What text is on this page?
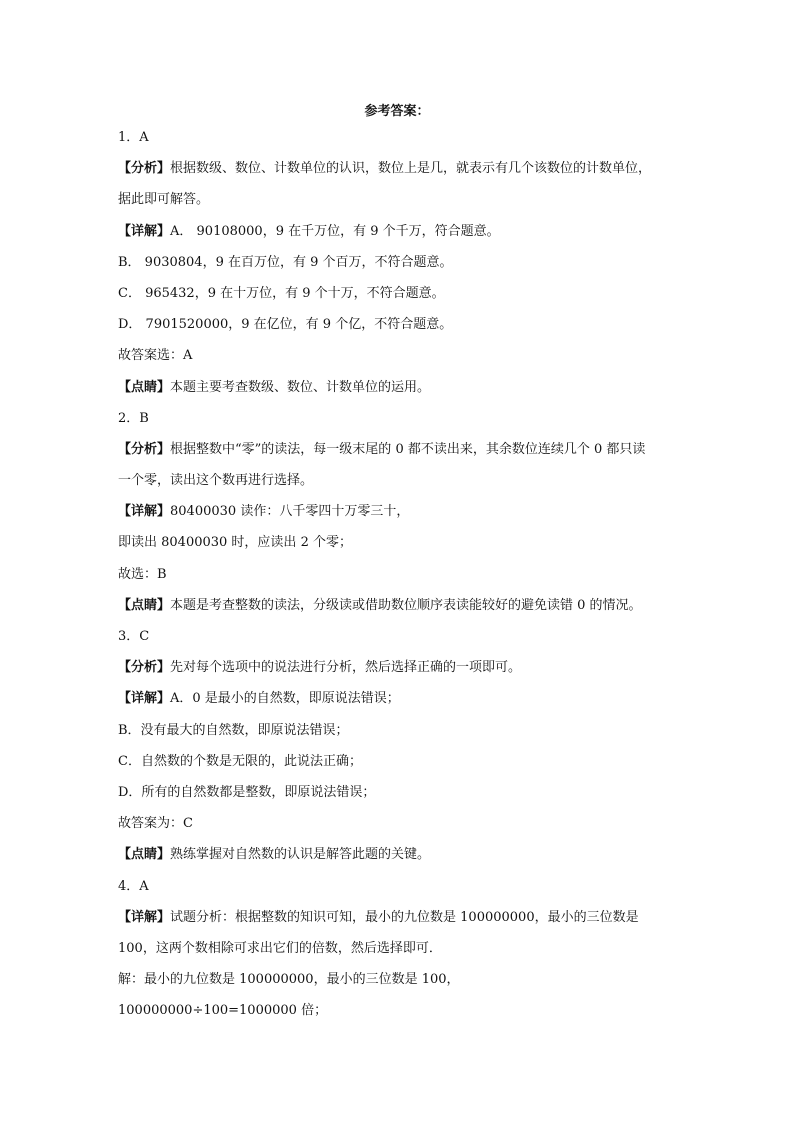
参考答案：
1．A
【分析】根据数级、数位、计数单位的认识，数位上是几，就表示有几个该数位的计数单位，
据此即可解答。
【详解】A． 90108000，9 在千万位，有 9 个千万，符合题意。
B． 9030804，9 在百万位，有 9 个百万，不符合题意。
C． 965432，9 在十万位，有 9 个十万，不符合题意。
D． 7901520000，9 在亿位，有 9 个亿，不符合题意。
故答案选：A
【点睛】本题主要考查数级、数位、计数单位的运用。
2．B
【分析】根据整数中“零”的读法，每一级末尾的 0 都不读出来，其余数位连续几个 0 都只读
一个零，读出这个数再进行选择。
【详解】80400030 读作：八千零四十万零三十，
即读出 80400030 时，应读出 2 个零；
故选：B
【点睛】本题是考查整数的读法，分级读或借助数位顺序表读能较好的避免读错 0 的情况。
3．C
【分析】先对每个选项中的说法进行分析，然后选择正确的一项即可。
【详解】A．0 是最小的自然数，即原说法错误；
B．没有最大的自然数，即原说法错误；
C．自然数的个数是无限的，此说法正确；
D．所有的自然数都是整数，即原说法错误；
故答案为：C
【点睛】熟练掌握对自然数的认识是解答此题的关键。
4．A
【详解】试题分析：根据整数的知识可知，最小的九位数是 100000000，最小的三位数是
100，这两个数相除可求出它们的倍数，然后选择即可．
解：最小的九位数是 100000000，最小的三位数是 100，
100000000÷100=1000000 倍；
